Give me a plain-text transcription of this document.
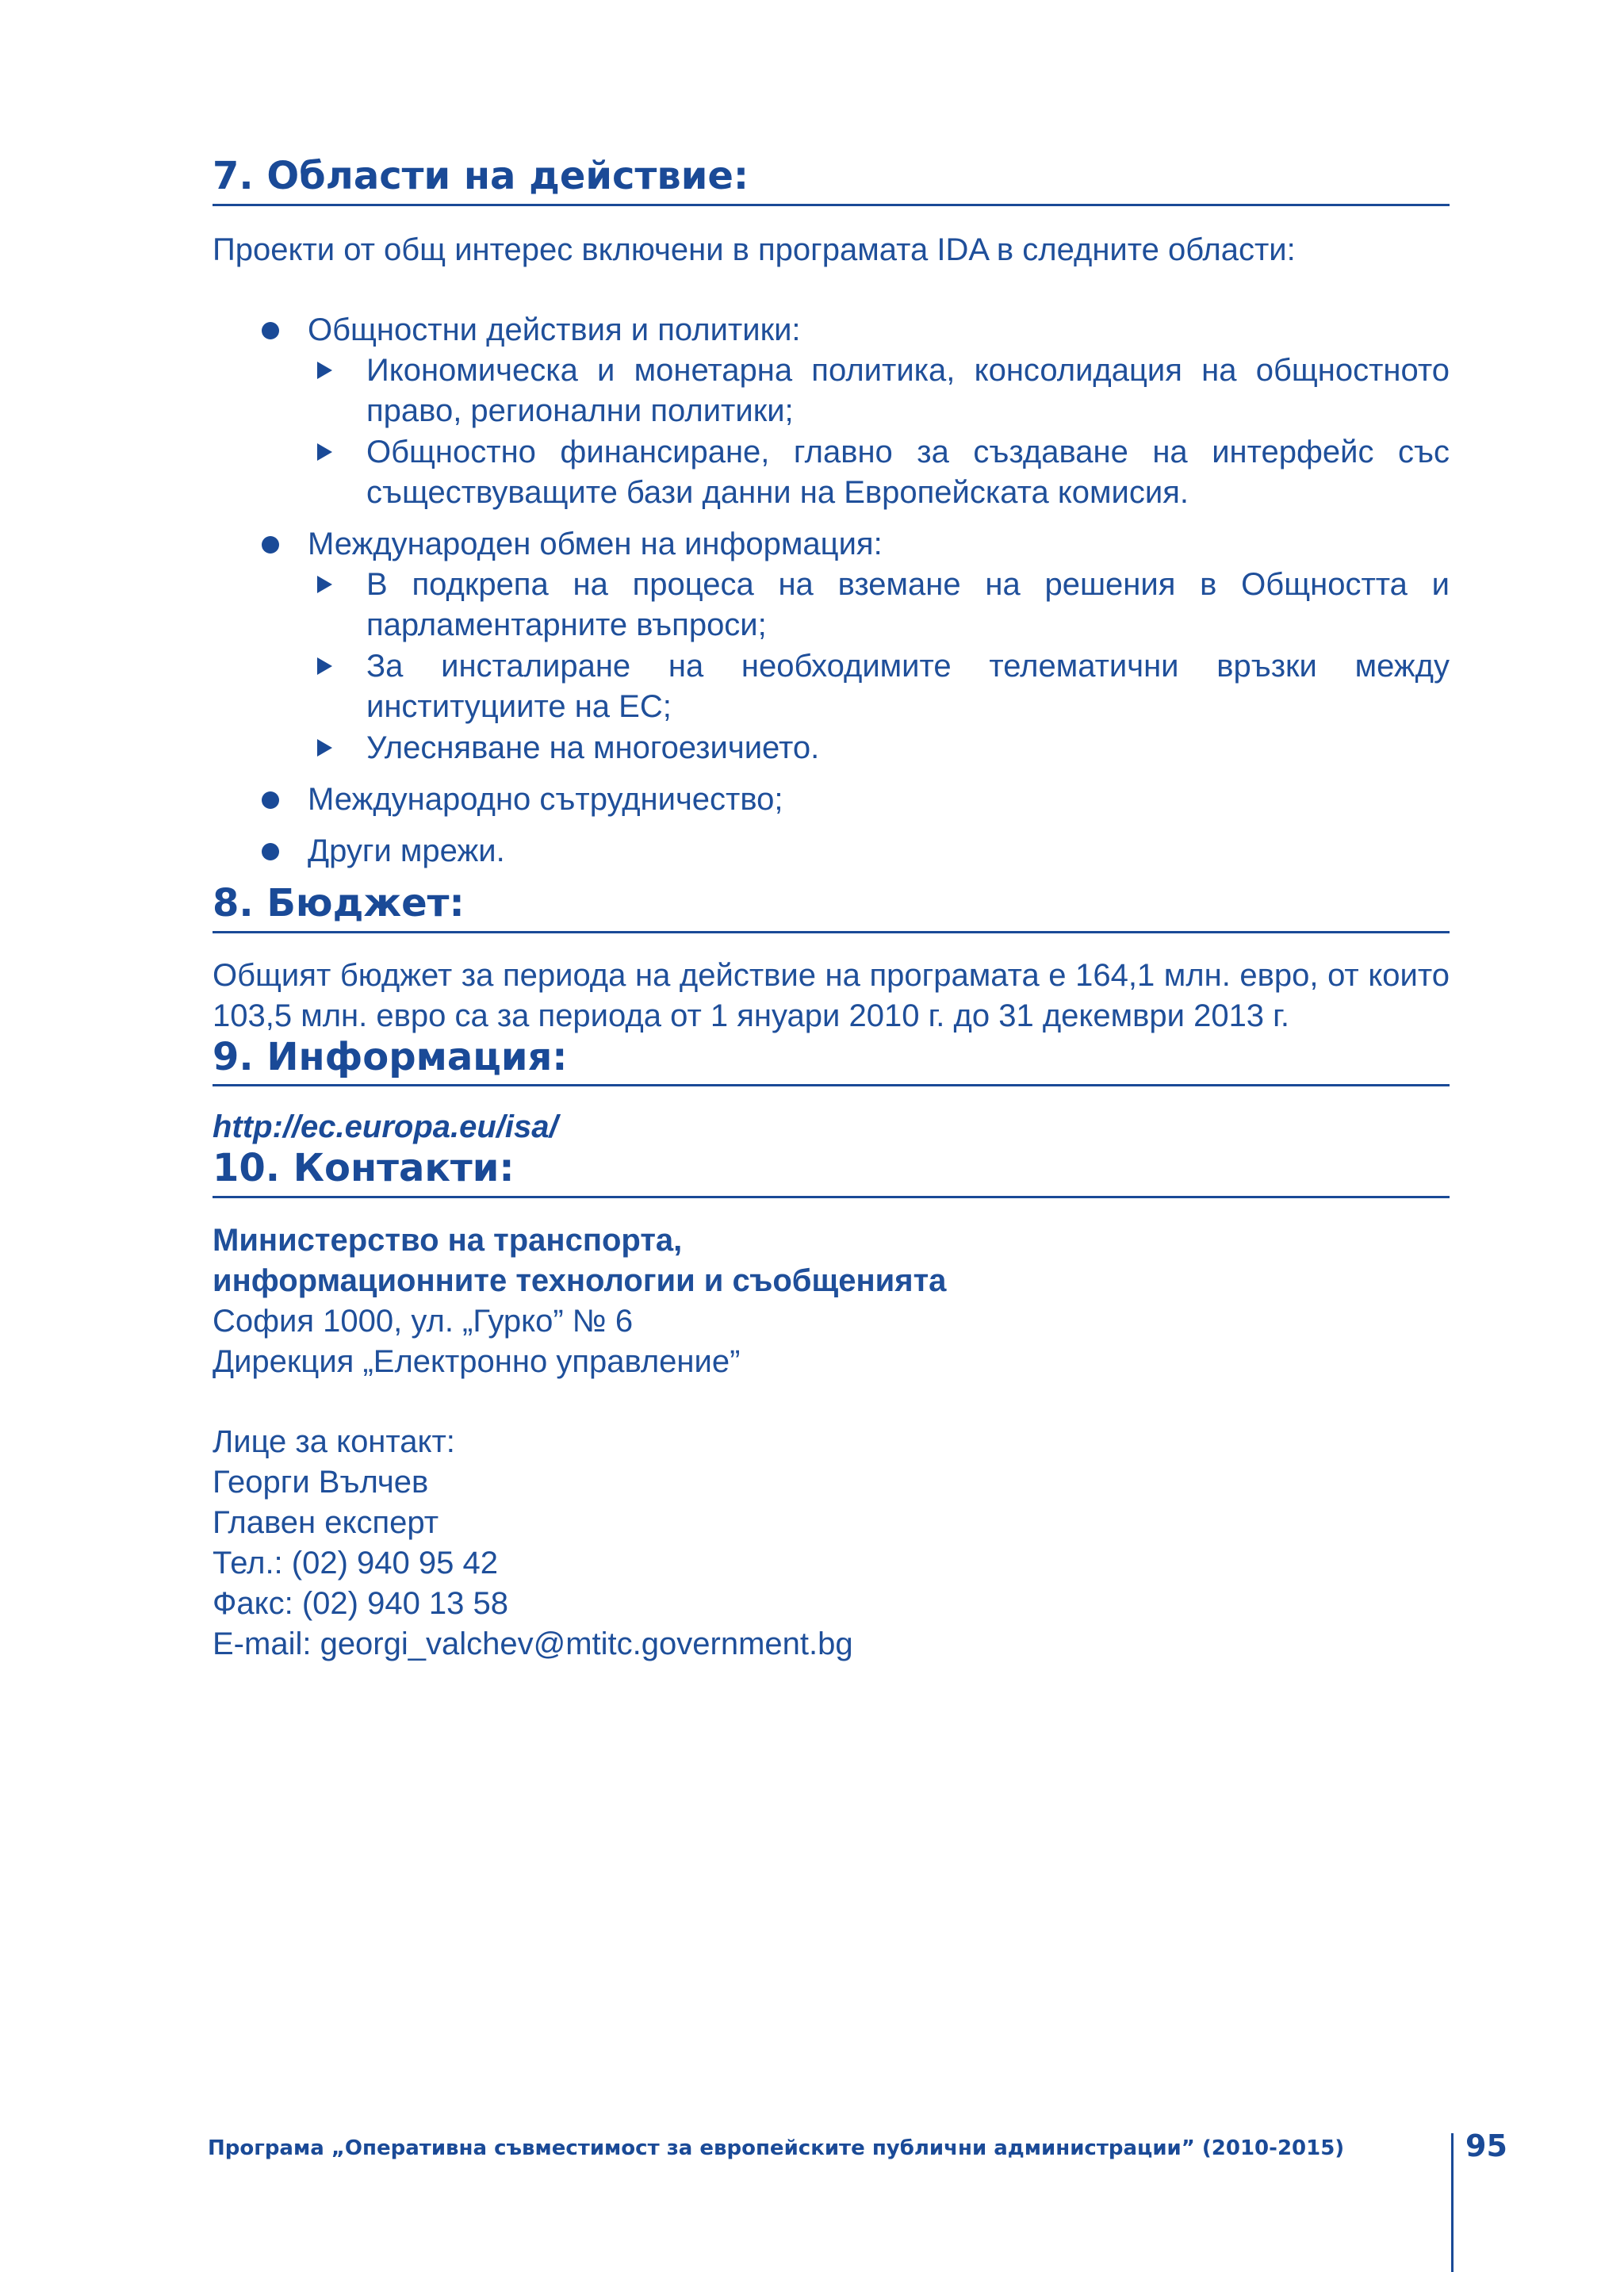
7. Области на действие:

Проекти от общ интерес включени в програмата IDA в следните области:

Общностни действия и политики:
Икономическа и монетарна политика, консолидация на общностното право, регионални политики;
Общностно финансиране, главно за създаване на интерфейс със съществуващите бази данни на Европейската комисия.
Международен обмен на информация:
В подкрепа на процеса на вземане на решения в Общността и парламентарните въпроси;
За инсталиране на необходимите телематични връзки между институциите на ЕС;
Улесняване на многоезичието.
Международно сътрудничество;
Други мрежи.
8. Бюджет:

Общият бюджет за периода на действие на програмата е 164,1 млн. евро, от които 103,5 млн. евро са за периода от 1 януари 2010 г. до 31 декември 2013 г.

9. Информация:
http://ec.europa.eu/isa/
10. Контакти:

Министерство на транспорта,

информационните технологии и съобщенията

София 1000, ул. „Гурко” № 6

Дирекция „Електронно управление”

Лице за контакт:

Георги Вълчев

Главен експерт

Тел.: (02) 940 95 42

Факс: (02) 940 13 58

E-mail: georgi_valchev@mtitc.government.bg

Програма „Оперативна съвместимост за европейските публични администрации” (2010-2015)	95
